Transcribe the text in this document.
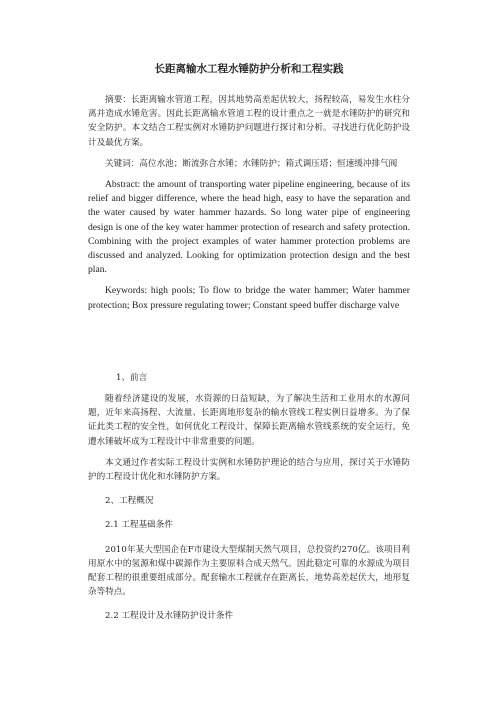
长距离输水工程水锤防护分析和工程实践

摘要：长距离输水管道工程，因其地势高差起伏较大，扬程较高，易发生水柱分离并造成水锤危害。因此长距离输水管道工程的设计重点之一就是水锤防护的研究和安全防护。本文结合工程实例对水锤防护问题进行探讨和分析。寻找进行优化防护设计及最优方案。

关键词：高位水池；断流弥合水锤；水锤防护；箱式调压塔；恒速缓冲排气阀

Abstract: the amount of transporting water pipeline engineering, because of its relief and bigger difference, where the head high, easy to have the separation and the water caused by water hammer hazards. So long water pipe of engineering design is one of the key water hammer protection of research and safety protection. Combining with the project examples of water hammer protection problems are discussed and analyzed. Looking for optimization protection design and the best plan.

Keywords: high pools; To flow to bridge the water hammer; Water hammer protection; Box pressure regulating tower; Constant speed buffer discharge valve

1、前言

随着经济建设的发展，水资源的日益短缺，为了解决生活和工业用水的水源问题，近年来高扬程、大流量、长距离地形复杂的输水管线工程实例日益增多。为了保证此类工程的安全性，如何优化工程设计，保障长距离输水管线系统的安全运行，免遭水锤破坏成为工程设计中非常重要的问题。

本文通过作者实际工程设计实例和水锤防护理论的结合与应用，探讨关于水锤防护的工程设计优化和水锤防护方案。

2、工程概况

2.1 工程基础条件

2010年某大型国企在F市建设大型煤制天然气项目，总投资约270亿。该项目利用原水中的氢源和煤中碳源作为主要原料合成天然气。因此稳定可靠的水源成为项目配套工程的很重要组成部分。配套输水工程就存在距离长，地势高差起伏大，地形复杂等特点。

2.2 工程设计及水锤防护设计条件
